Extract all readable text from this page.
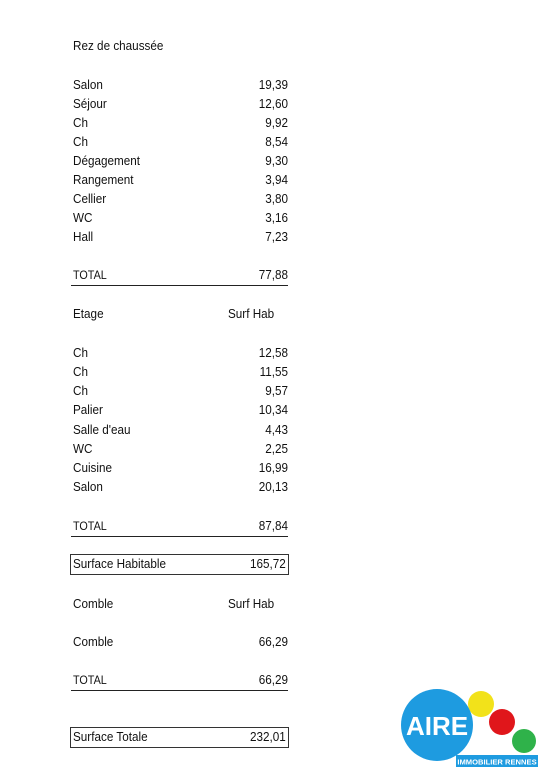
Rez de chaussée
Salon	19,39
Séjour	12,60
Ch	9,92
Ch	8,54
Dégagement	9,30
Rangement	3,94
Cellier	3,80
WC	3,16
Hall	7,23
TOTAL	77,88
Etage	Surf Hab
Ch	12,58
Ch	11,55
Ch	9,57
Palier	10,34
Salle d'eau	4,43
WC	2,25
Cuisine	16,99
Salon	20,13
TOTAL	87,84
Surface Habitable	165,72
Comble	Surf Hab
Comble	66,29
TOTAL	66,29
Surface Totale	232,01	AIRE
IMMOBILIER RENNES
